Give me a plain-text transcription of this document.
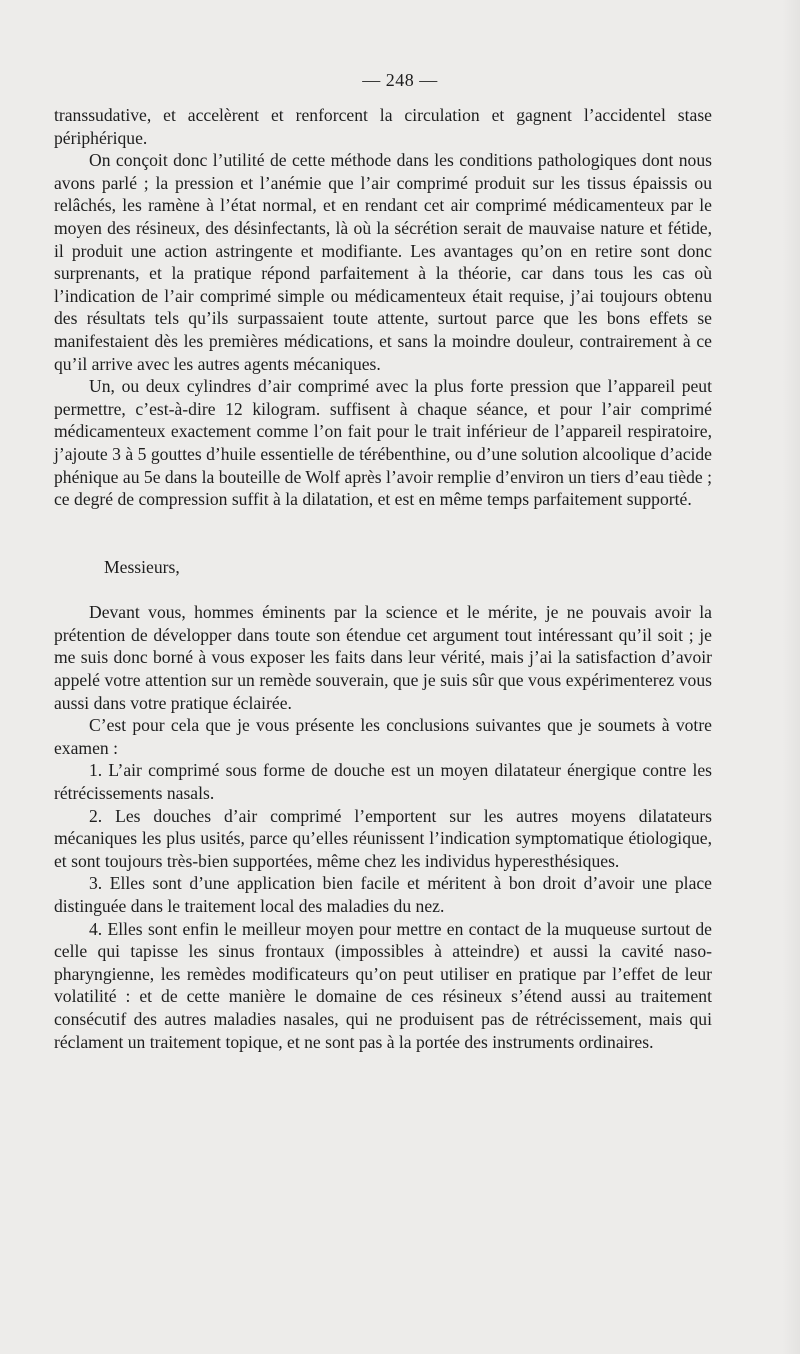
— 248 —

transsudative, et accelèrent et renforcent la circulation et gagnent l’accidentel stase périphérique.

On conçoit donc l’utilité de cette méthode dans les conditions pathologiques dont nous avons parlé ; la pression et l’anémie que l’air comprimé produit sur les tissus épaissis ou relâchés, les ramène à l’état normal, et en rendant cet air comprimé médicamenteux par le moyen des résineux, des désinfectants, là où la sécrétion serait de mauvaise nature et fétide, il produit une action astringente et modifiante. Les avantages qu’on en retire sont donc surprenants, et la pratique répond parfaitement à la théorie, car dans tous les cas où l’indication de l’air comprimé simple ou médicamenteux était requise, j’ai toujours obtenu des résultats tels qu’ils surpassaient toute attente, surtout parce que les bons effets se manifestaient dès les premières médications, et sans la moindre douleur, contrairement à ce qu’il arrive avec les autres agents mécaniques.

Un, ou deux cylindres d’air comprimé avec la plus forte pression que l’appareil peut permettre, c’est-à-dire 12 kilogram. suffisent à chaque séance, et pour l’air comprimé médicamenteux exactement comme l’on fait pour le trait inférieur de l’appareil respiratoire, j’ajoute 3 à 5 gouttes d’huile essentielle de térébenthine, ou d’une solution alcoolique d’acide phénique au 5e dans la bouteille de Wolf après l’avoir remplie d’environ un tiers d’eau tiède ; ce degré de compression suffit à la dilatation, et est en même temps parfaitement supporté.

Messieurs,

Devant vous, hommes éminents par la science et le mérite, je ne pouvais avoir la prétention de développer dans toute son étendue cet argument tout intéressant qu’il soit ; je me suis donc borné à vous exposer les faits dans leur vérité, mais j’ai la satisfaction d’avoir appelé votre attention sur un remède souverain, que je suis sûr que vous expérimenterez vous aussi dans votre pratique éclairée.

C’est pour cela que je vous présente les conclusions suivantes que je soumets à votre examen :

1. L’air comprimé sous forme de douche est un moyen dilatateur énergique contre les rétrécissements nasals.

2. Les douches d’air comprimé l’emportent sur les autres moyens dilatateurs mécaniques les plus usités, parce qu’elles réunissent l’indication symptomatique étiologique, et sont toujours très-bien supportées, même chez les individus hyperesthésiques.

3. Elles sont d’une application bien facile et méritent à bon droit d’avoir une place distinguée dans le traitement local des maladies du nez.

4. Elles sont enfin le meilleur moyen pour mettre en contact de la muqueuse surtout de celle qui tapisse les sinus frontaux (impossibles à atteindre) et aussi la cavité naso-pharyngienne, les remèdes modificateurs qu’on peut utiliser en pratique par l’effet de leur volatilité : et de cette manière le domaine de ces résineux s’étend aussi au traitement consécutif des autres maladies nasales, qui ne produisent pas de rétrécissement, mais qui réclament un traitement topique, et ne sont pas à la portée des instruments ordinaires.
